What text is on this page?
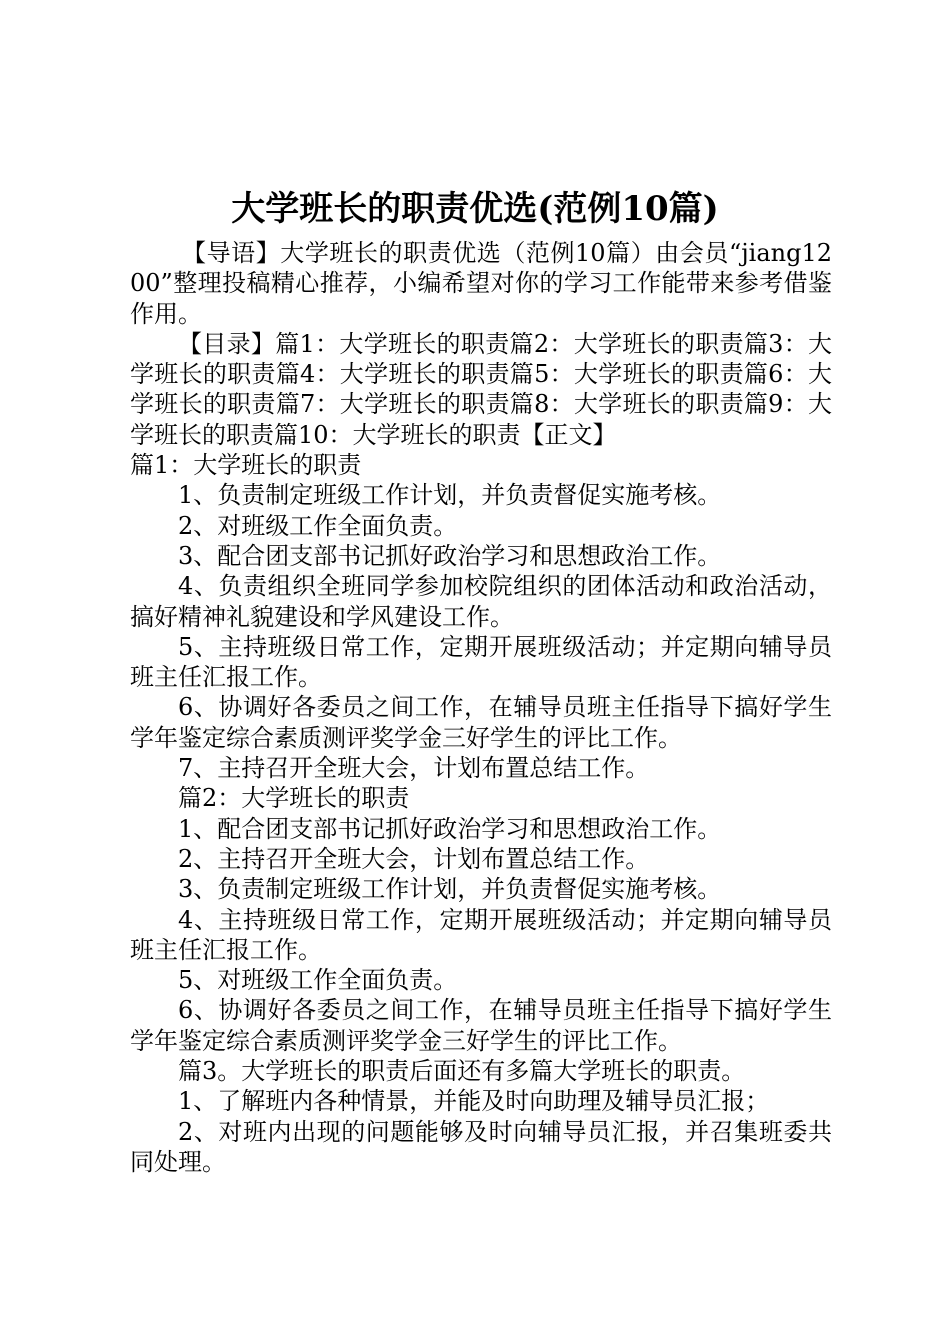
大学班长的职责优选(范例10篇)

【导语】大学班长的职责优选（范例10篇）由会员“jiang1200”整理投稿精心推荐，小编希望对你的学习工作能带来参考借鉴作用。

【目录】篇1：大学班长的职责篇2：大学班长的职责篇3：大学班长的职责篇4：大学班长的职责篇5：大学班长的职责篇6：大学班长的职责篇7：大学班长的职责篇8：大学班长的职责篇9：大学班长的职责篇10：大学班长的职责【正文】

篇1：大学班长的职责

1、负责制定班级工作计划，并负责督促实施考核。

2、对班级工作全面负责。

3、配合团支部书记抓好政治学习和思想政治工作。

4、负责组织全班同学参加校院组织的团体活动和政治活动，搞好精神礼貌建设和学风建设工作。

5、主持班级日常工作，定期开展班级活动；并定期向辅导员班主任汇报工作。

6、协调好各委员之间工作，在辅导员班主任指导下搞好学生学年鉴定综合素质测评奖学金三好学生的评比工作。

7、主持召开全班大会，计划布置总结工作。

篇2：大学班长的职责

1、配合团支部书记抓好政治学习和思想政治工作。

2、主持召开全班大会，计划布置总结工作。

3、负责制定班级工作计划，并负责督促实施考核。

4、主持班级日常工作，定期开展班级活动；并定期向辅导员班主任汇报工作。

5、对班级工作全面负责。

6、协调好各委员之间工作，在辅导员班主任指导下搞好学生学年鉴定综合素质测评奖学金三好学生的评比工作。

篇3。大学班长的职责后面还有多篇大学班长的职责。

1、了解班内各种情景，并能及时向助理及辅导员汇报；

2、对班内出现的问题能够及时向辅导员汇报，并召集班委共同处理。
